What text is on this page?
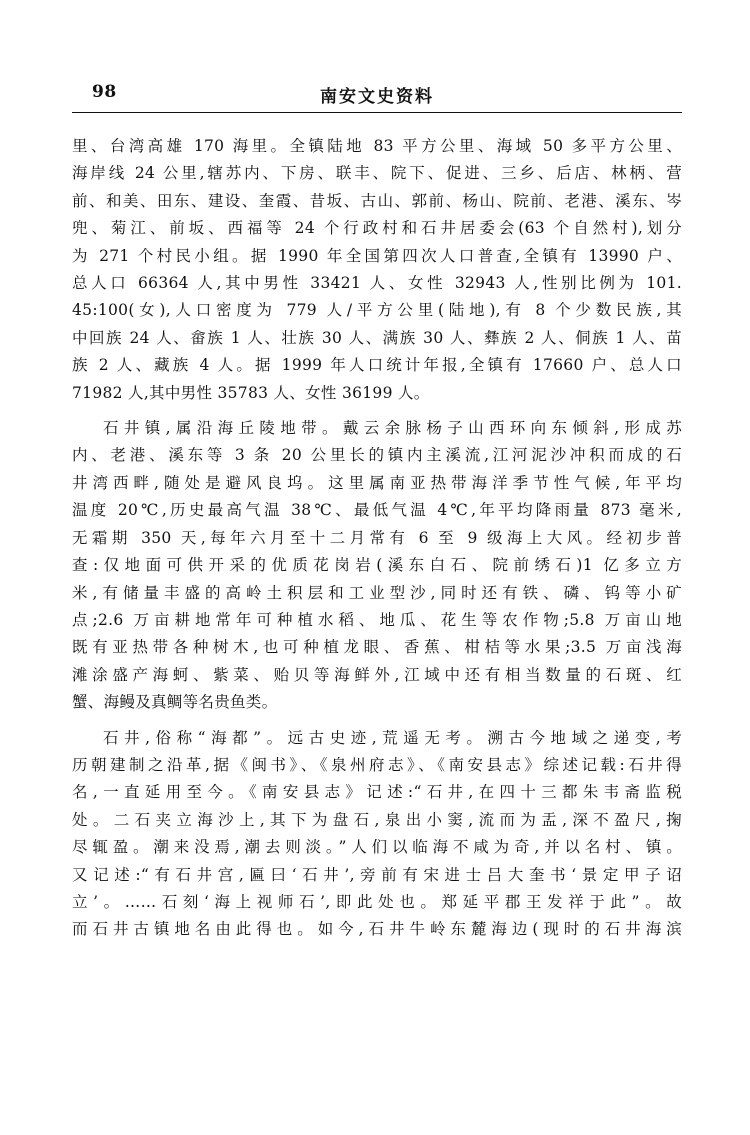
98	南安文史资料
里、台湾高雄 170 海里。全镇陆地 83 平方公里、海域 50 多平方公里、
海岸线 24 公里,辖苏内、下房、联丰、院下、促进、三乡、后店、林柄、营
前、和美、田东、建设、奎霞、昔坂、古山、郭前、杨山、院前、老港、溪东、岑
兜、菊江、前坂、西福等 24 个行政村和石井居委会(63 个自然村),划分
为 271 个村民小组。据 1990 年全国第四次人口普查,全镇有 13990 户、
总人口 66364 人,其中男性 33421 人、女性 32943 人,性别比例为 101.
45:100(女),人口密度为 779 人/平方公里(陆地),有 8 个少数民族,其
中回族 24 人、畲族 1 人、壮族 30 人、满族 30 人、彝族 2 人、侗族 1 人、苗
族 2 人、藏族 4 人。据 1999 年人口统计年报,全镇有 17660 户、总人口
71982 人,其中男性 35783 人、女性 36199 人。
石井镇,属沿海丘陵地带。戴云余脉杨子山西环向东倾斜,形成苏
内、老港、溪东等 3 条 20 公里长的镇内主溪流,江河泥沙冲积而成的石
井湾西畔,随处是避风良坞。这里属南亚热带海洋季节性气候,年平均
温度 20℃,历史最高气温 38℃、最低气温 4℃,年平均降雨量 873 毫米,
无霜期 350 天,每年六月至十二月常有 6 至 9 级海上大风。经初步普
查:仅地面可供开采的优质花岗岩(溪东白石、院前绣石)1 亿多立方
米,有储量丰盛的高岭土积层和工业型沙,同时还有铁、磷、钨等小矿
点;2.6 万亩耕地常年可种植水稻、地瓜、花生等农作物;5.8 万亩山地
既有亚热带各种树木,也可种植龙眼、香蕉、柑桔等水果;3.5 万亩浅海
滩涂盛产海蚵、紫菜、贻贝等海鲜外,江域中还有相当数量的石斑、红
蟹、海鳗及真鲷等名贵鱼类。
石井,俗称“海都”。远古史迹,荒遥无考。溯古今地域之递变,考
历朝建制之沿革,据《闽书》、《泉州府志》、《南安县志》综述记载:石井得
名,一直延用至今。《南安县志》记述:“石井,在四十三都朱韦斋监税
处。二石夹立海沙上,其下为盘石,泉出小窦,流而为盂,深不盈尺,掬
尽辄盈。潮来没焉,潮去则淡。”人们以临海不咸为奇,并以名村、镇。
又记述:“有石井宫,匾曰‘石井’,旁前有宋进士吕大奎书‘景定甲子诏
立’。……石刻‘海上视师石’,即此处也。郑延平郡王发祥于此”。故
而石井古镇地名由此得也。如今,石井牛岭东麓海边(现时的石井海滨
